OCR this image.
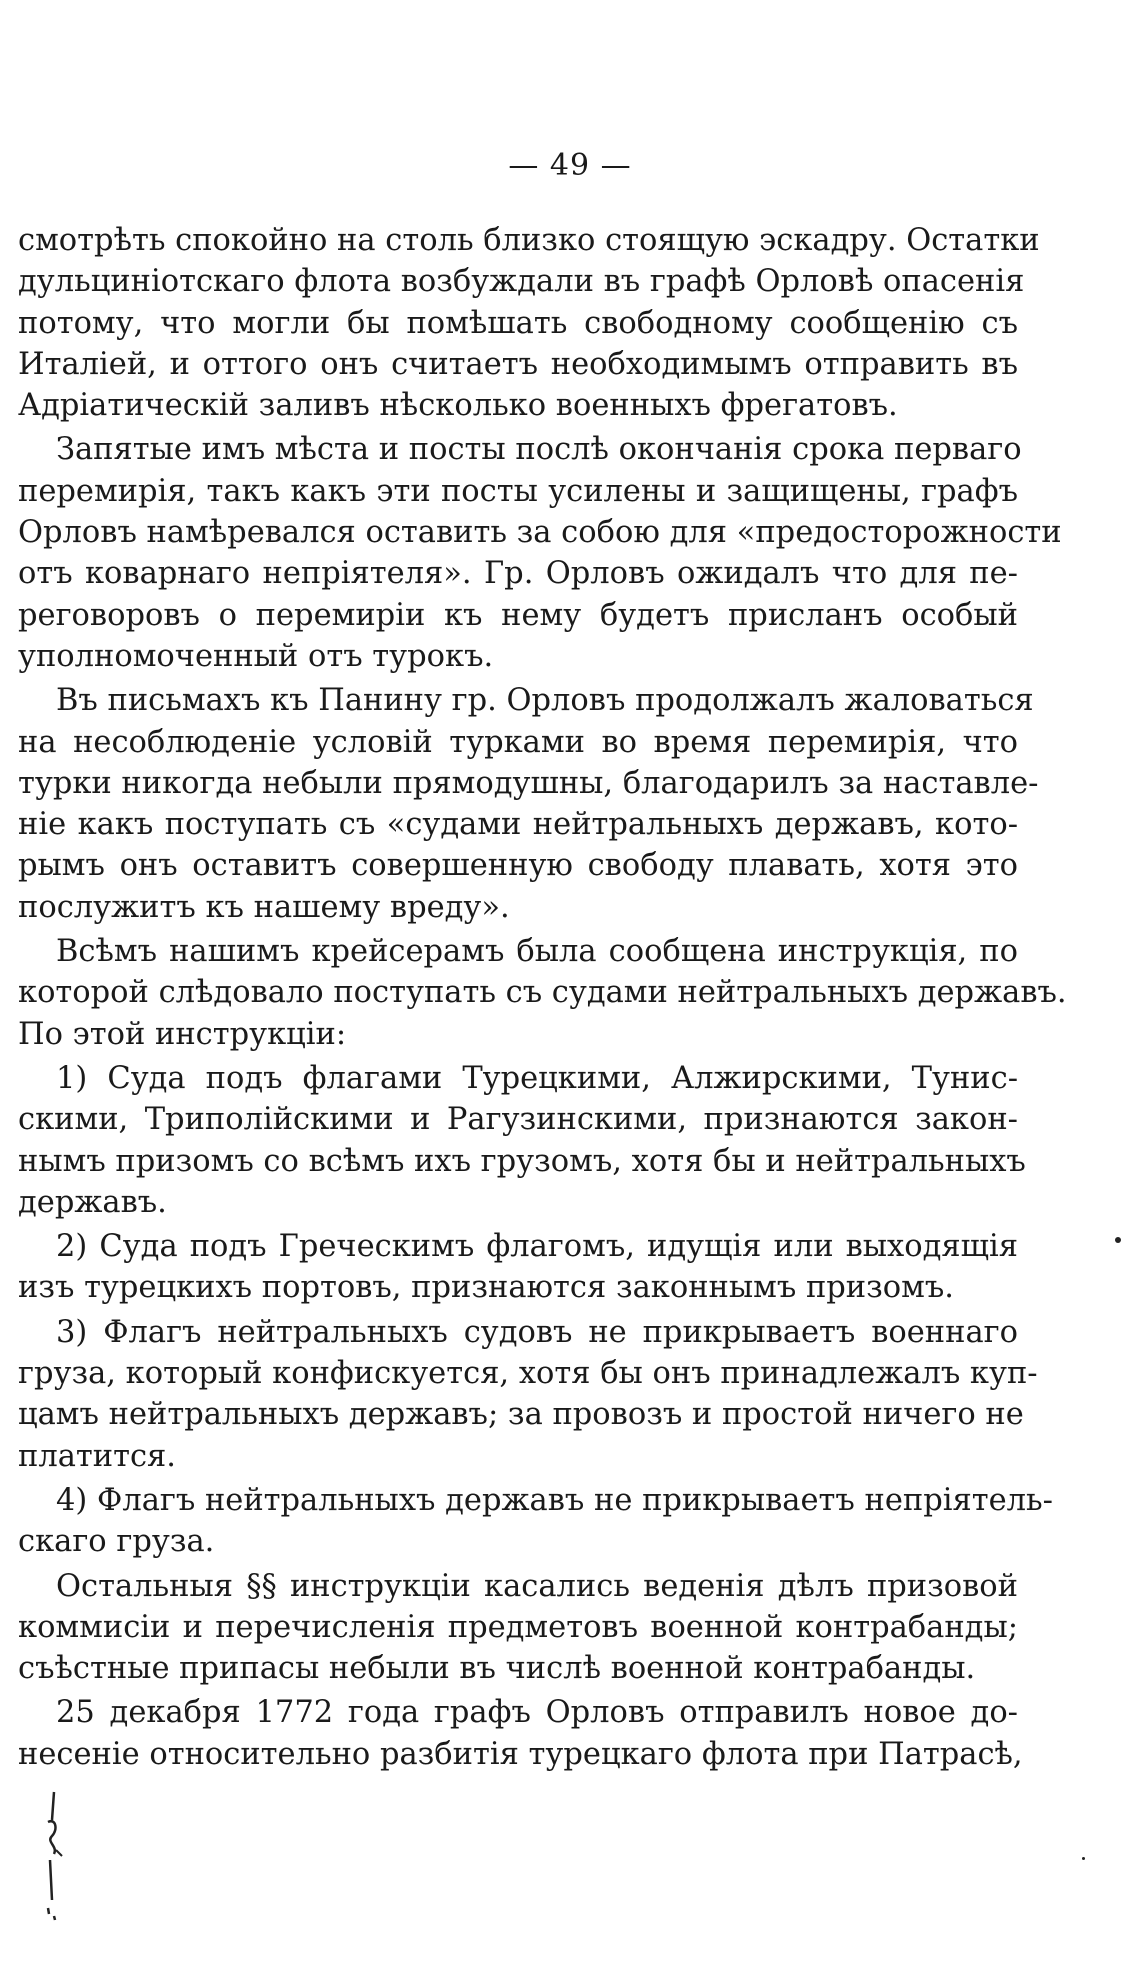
— 49 —
смотрѣть спокойно на столь близко стоящую эскадру. Остатки
дульциніотскаго флота возбуждали въ графѣ Орловѣ опасенія
потому, что могли бы помѣшать свободному сообщенію съ
Италіей, и оттого онъ считаетъ необходимымъ отправить въ
Адріатическій заливъ нѣсколько военныхъ фрегатовъ.
Запятые имъ мѣста и посты послѣ окончанія срока перваго
перемирія, такъ какъ эти посты усилены и защищены, графъ
Орловъ намѣревался оставить за собою для «предосторожности
отъ коварнаго непріятеля». Гр. Орловъ ожидалъ что для пе-
реговоровъ о перемиріи къ нему будетъ присланъ особый
уполномоченный отъ турокъ.
Въ письмахъ къ Панину гр. Орловъ продолжалъ жаловаться
на несоблюденіе условій турками во время перемирія, что
турки никогда небыли прямодушны, благодарилъ за наставле-
ніе какъ поступать съ «судами нейтральныхъ державъ, кото-
рымъ онъ оставитъ совершенную свободу плавать, хотя это
послужитъ къ нашему вреду».
Всѣмъ нашимъ крейсерамъ была сообщена инструкція, по
которой слѣдовало поступать съ судами нейтральныхъ державъ.
По этой инструкціи:
1) Суда подъ флагами Турецкими, Алжирскими, Тунис-
скими, Триполійскими и Рагузинскими, признаются закон-
нымъ призомъ со всѣмъ ихъ грузомъ, хотя бы и нейтральныхъ
державъ.
2) Суда подъ Греческимъ флагомъ, идущія или выходящія
изъ турецкихъ портовъ, признаются законнымъ призомъ.
3) Флагъ нейтральныхъ судовъ не прикрываетъ военнаго
груза, который конфискуется, хотя бы онъ принадлежалъ куп-
цамъ нейтральныхъ державъ; за провозъ и простой ничего не
платится.
4) Флагъ нейтральныхъ державъ не прикрываетъ непріятель-
скаго груза.
Остальныя §§ инструкціи касались веденія дѣлъ призовой
коммисіи и перечисленія предметовъ военной контрабанды;
съѣстные припасы небыли въ числѣ военной контрабанды.
25 декабря 1772 года графъ Орловъ отправилъ новое до-
несеніе относительно разбитія турецкаго флота при Патрасѣ,
